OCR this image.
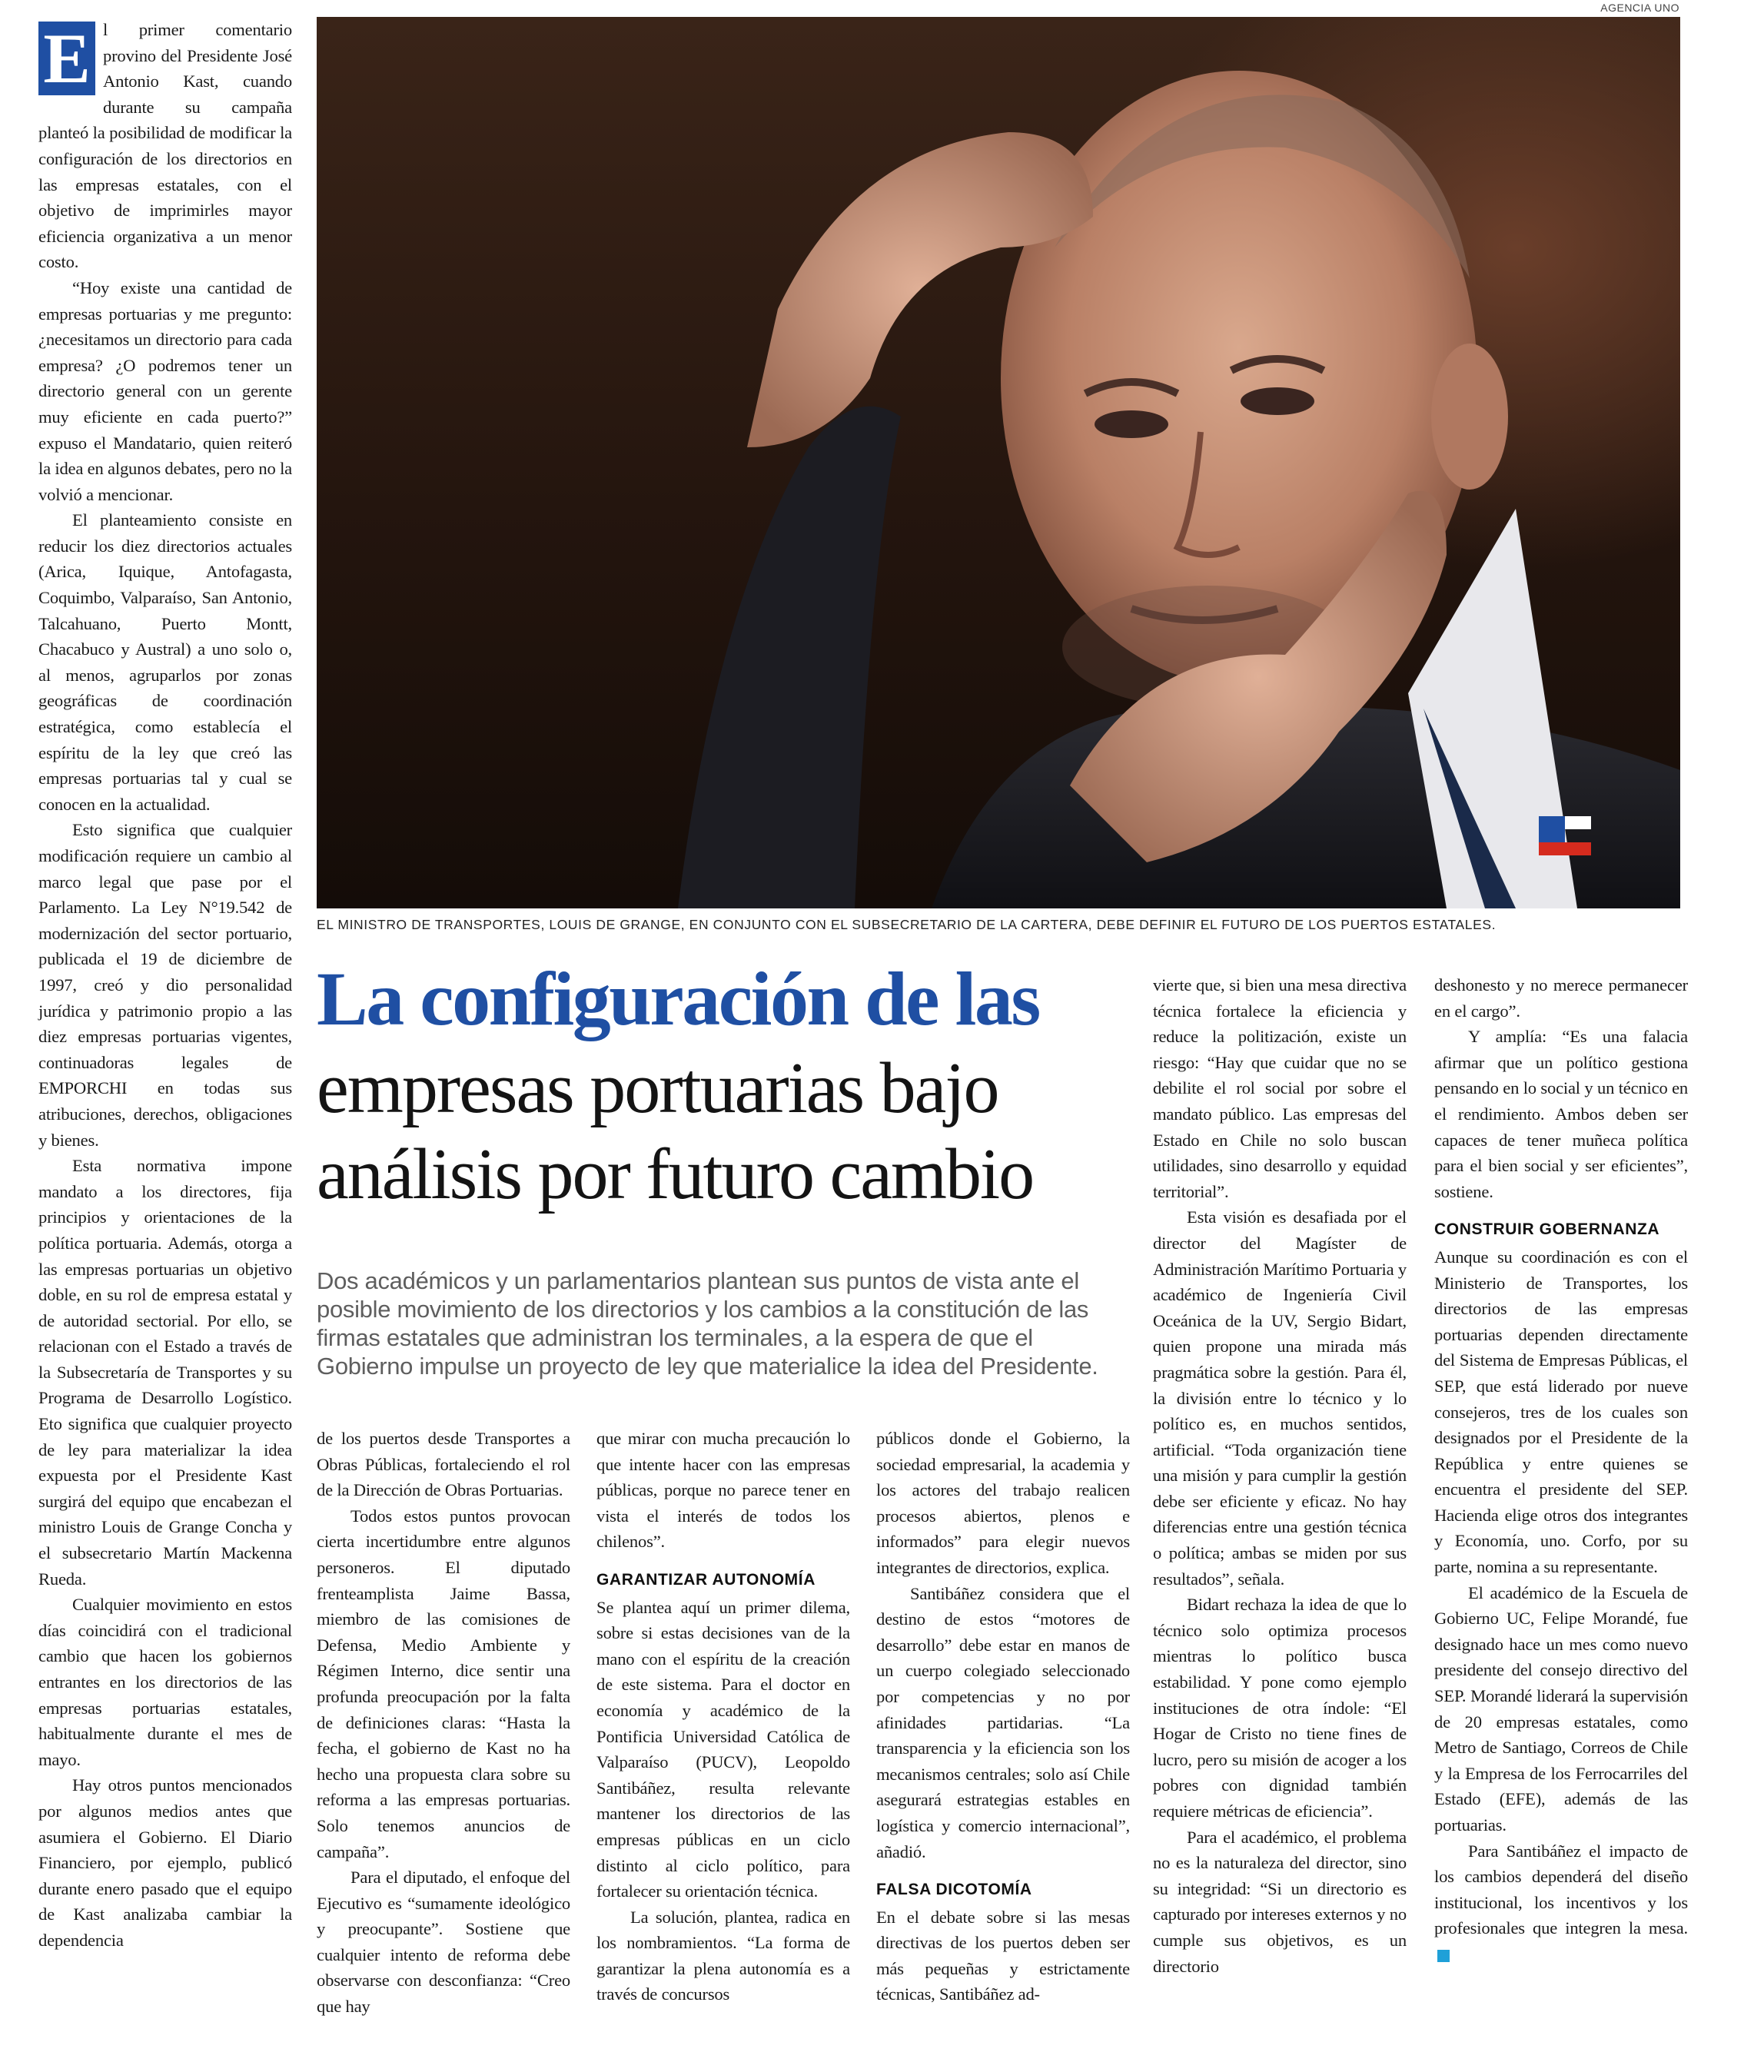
E l primer comentario provino del Presidente José Antonio Kast, cuando durante su campaña planteó la posibilidad de modificar la configuración de los directorios en las empresas estatales, con el objetivo de imprimirles mayor eficiencia organizativa a un menor costo.

“Hoy existe una cantidad de empresas portuarias y me pregunto: ¿necesitamos un directorio para cada empresa? ¿O podremos tener un directorio general con un gerente muy eficiente en cada puerto?” expuso el Mandatario, quien reiteró la idea en algunos debates, pero no la volvió a mencionar.

El planteamiento consiste en reducir los diez directorios actuales (Arica, Iquique, Antofagasta, Coquimbo, Valparaíso, San Antonio, Talcahuano, Puerto Montt, Chacabuco y Austral) a uno solo o, al menos, agruparlos por zonas geográficas de coordinación estratégica, como establecía el espíritu de la ley que creó las empresas portuarias tal y cual se conocen en la actualidad.

Esto significa que cualquier modificación requiere un cambio al marco legal que pase por el Parlamento. La Ley N°19.542 de modernización del sector portuario, publicada el 19 de diciembre de 1997, creó y dio personalidad jurídica y patrimonio propio a las diez empresas portuarias vigentes, continuadoras legales de EMPORCHI en todas sus atribuciones, derechos, obligaciones y bienes.

Esta normativa impone mandato a los directores, fija principios y orientaciones de la política portuaria. Además, otorga a las empresas portuarias un objetivo doble, en su rol de empresa estatal y de autoridad sectorial. Por ello, se relacionan con el Estado a través de la Subsecretaría de Transportes y su Programa de Desarrollo Logístico. Eto significa que cualquier proyecto de ley para materializar la idea expuesta por el Presidente Kast surgirá del equipo que encabezan el ministro Louis de Grange Concha y el subsecretario Martín Mackenna Rueda.

Cualquier movimiento en estos días coincidirá con el tradicional cambio que hacen los gobiernos entrantes en los directorios de las empresas portuarias estatales, habitualmente durante el mes de mayo.

Hay otros puntos mencionados por algunos medios antes que asumiera el Gobierno. El Diario Financiero, por ejemplo, publicó durante enero pasado que el equipo de Kast analizaba cambiar la dependencia

AGENCIA UNO
EL MINISTRO DE TRANSPORTES, LOUIS DE GRANGE, EN CONJUNTO CON EL SUBSECRETARIO DE LA CARTERA, DEBE DEFINIR EL FUTURO DE LOS PUERTOS ESTATALES.
La configuración de las
empresas portuarias bajo
análisis por futuro cambio

Dos académicos y un parlamentarios plantean sus puntos de vista ante el posible movimiento de los directorios y los cambios a la constitución de las firmas estatales que administran los terminales, a la espera de que el Gobierno impulse un proyecto de ley que materialice la idea del Presidente.

de los puertos desde Transportes a Obras Públicas, fortaleciendo el rol de la Dirección de Obras Portuarias.

Todos estos puntos provocan cierta incertidumbre entre algunos personeros. El diputado frenteamplista Jaime Bassa, miembro de las comisiones de Defensa, Medio Ambiente y Régimen Interno, dice sentir una profunda preocupación por la falta de definiciones claras: “Hasta la fecha, el gobierno de Kast no ha hecho una propuesta clara sobre su reforma a las empresas portuarias. Solo tenemos anuncios de campaña”.

Para el diputado, el enfoque del Ejecutivo es “sumamente ideológico y preocupante”. Sostiene que cualquier intento de reforma debe observarse con desconfianza: “Creo que hay

que mirar con mucha precaución lo que intente hacer con las empresas públicas, porque no parece tener en vista el interés de todos los chilenos”.

GARANTIZAR AUTONOMÍA

Se plantea aquí un primer dilema, sobre si estas decisiones van de la mano con el espíritu de la creación de este sistema. Para el doctor en economía y académico de la Pontificia Universidad Católica de Valparaíso (PUCV), Leopoldo Santibáñez, resulta relevante mantener los directorios de las empresas públicas en un ciclo distinto al ciclo político, para fortalecer su orientación técnica.

La solución, plantea, radica en los nombramientos. “La forma de garantizar la plena autonomía es a través de concursos

públicos donde el Gobierno, la sociedad empresarial, la academia y los actores del trabajo realicen procesos abiertos, plenos e informados” para elegir nuevos integrantes de directorios, explica.

Santibáñez considera que el destino de estos “motores de desarrollo” debe estar en manos de un cuerpo colegiado seleccionado por competencias y no por afinidades partidarias. “La transparencia y la eficiencia son los mecanismos centrales; solo así Chile asegurará estrategias estables en logística y comercio internacional”, añadió.

FALSA DICOTOMÍA

En el debate sobre si las mesas directivas de los puertos deben ser más pequeñas y estrictamente técnicas, Santibáñez ad-

vierte que, si bien una mesa directiva técnica fortalece la eficiencia y reduce la politización, existe un riesgo: “Hay que cuidar que no se debilite el rol social por sobre el mandato público. Las empresas del Estado en Chile no solo buscan utilidades, sino desarrollo y equidad territorial”.

Esta visión es desafiada por el director del Magíster de Administración Marítimo Portuaria y académico de Ingeniería Civil Oceánica de la UV, Sergio Bidart, quien propone una mirada más pragmática sobre la gestión. Para él, la división entre lo técnico y lo político es, en muchos sentidos, artificial. “Toda organización tiene una misión y para cumplir la gestión debe ser eficiente y eficaz. No hay diferencias entre una gestión técnica o política; ambas se miden por sus resultados”, señala.

Bidart rechaza la idea de que lo técnico solo optimiza procesos mientras lo político busca estabilidad. Y pone como ejemplo instituciones de otra índole: “El Hogar de Cristo no tiene fines de lucro, pero su misión de acoger a los pobres con dignidad también requiere métricas de eficiencia”.

Para el académico, el problema no es la naturaleza del director, sino su integridad: “Si un directorio es capturado por intereses externos y no cumple sus objetivos, es un directorio

deshonesto y no merece permanecer en el cargo”.

Y amplía: “Es una falacia afirmar que un político gestiona pensando en lo social y un técnico en el rendimiento. Ambos deben ser capaces de tener muñeca política para el bien social y ser eficientes”, sostiene.

CONSTRUIR GOBERNANZA

Aunque su coordinación es con el Ministerio de Transportes, los directorios de las empresas portuarias dependen directamente del Sistema de Empresas Públicas, el SEP, que está liderado por nueve consejeros, tres de los cuales son designados por el Presidente de la República y entre quienes se encuentra el presidente del SEP. Hacienda elige otros dos integrantes y Economía, uno. Corfo, por su parte, nomina a su representante.

El académico de la Escuela de Gobierno UC, Felipe Morandé, fue designado hace un mes como nuevo presidente del consejo directivo del SEP. Morandé liderará la supervisión de 20 empresas estatales, como Metro de Santiago, Correos de Chile y la Empresa de los Ferrocarriles del Estado (EFE), además de las portuarias.

Para Santibáñez el impacto de los cambios dependerá del diseño institucional, los incentivos y los profesionales que integren la mesa.
